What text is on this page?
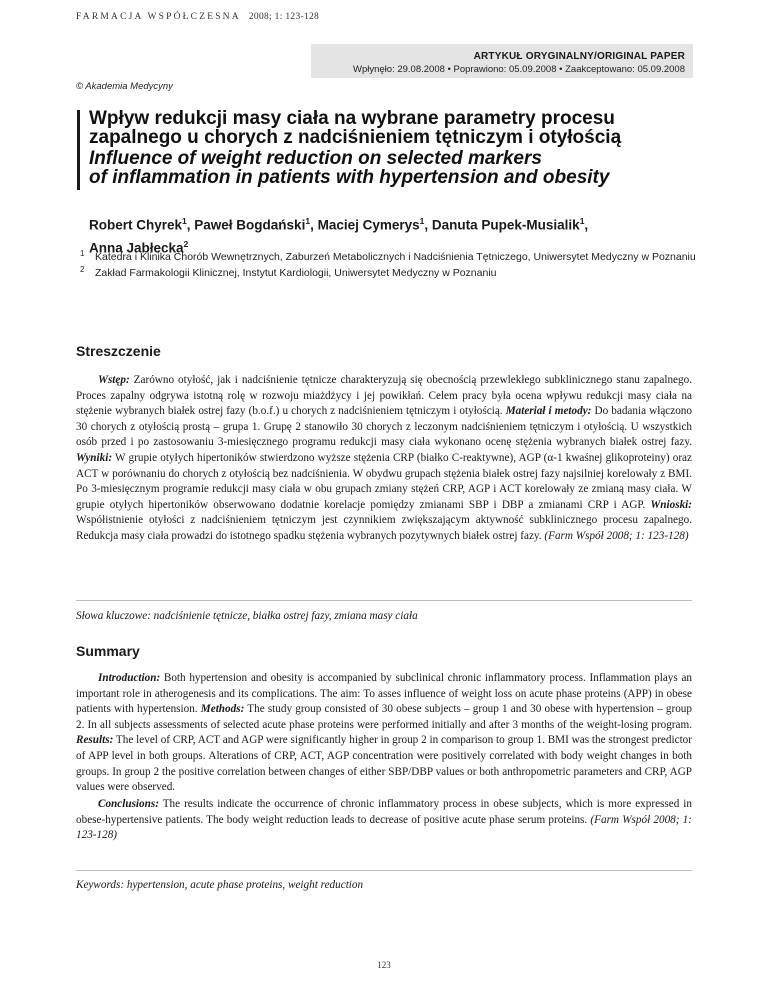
FARMACJA WSPÓŁCZESNA 2008; 1: 123-128
ARTYKUŁ ORYGINALNY/ORIGINAL PAPER
Wpłynęło: 29.08.2008 • Poprawiono: 05.09.2008 • Zaakceptowano: 05.09.2008
© Akademia Medycyny
Wpływ redukcji masy ciała na wybrane parametry procesu
zapalnego u chorych z nadciśnieniem tętniczym i otyłością
Influence of weight reduction on selected markers
of inflammation in patients with hypertension and obesity
Robert Chyrek$^1$, Paweł Bogdański$^1$, Maciej Cymerys$^1$, Danuta Pupek-Musialik$^1$,
Anna Jabłecka$^2$
1 Katedra i Klinika Chorób Wewnętrznych, Zaburzeń Metabolicznych i Nadciśnienia Tętniczego, Uniwersytet Medyczny w Poznaniu
2 Zakład Farmakologii Klinicznej, Instytut Kardiologii, Uniwersytet Medyczny w Poznaniu
Streszczenie

Wstęp: Zarówno otyłość, jak i nadciśnienie tętnicze charakteryzują się obecnością przewlekłego subklinicznego stanu zapalnego. Proces zapalny odgrywa istotną rolę w rozwoju miażdżycy i jej powikłań. Celem pracy była ocena wpływu redukcji masy ciała na stężenie wybranych białek ostrej fazy (b.o.f.) u chorych z nadciśnieniem tętniczym i otyłością. Materiał i metody: Do badania włączono 30 chorych z otyłością prostą – grupa 1. Grupę 2 stanowiło 30 chorych z leczonym nadciśnieniem tętniczym i otyłością. U wszystkich osób przed i po zastosowaniu 3-miesięcznego programu redukcji masy ciała wykonano ocenę stężenia wybranych białek ostrej fazy. Wyniki: W grupie otyłych hipertoników stwierdzono wyższe stężenia CRP (białko C-reaktywne), AGP (α-1 kwaśnej glikoproteiny) oraz ACT w porównaniu do chorych z otyłością bez nadciśnienia. W obydwu grupach stężenia białek ostrej fazy najsilniej korelowały z BMI. Po 3-miesięcznym programie redukcji masy ciała w obu grupach zmiany stężeń CRP, AGP i ACT korelowały ze zmianą masy ciała. W grupie otyłych hipertoników obserwowano dodatnie korelacje pomiędzy zmianami SBP i DBP a zmianami CRP i AGP. Wnioski: Współistnienie otyłości z nadciśnieniem tętniczym jest czynnikiem zwiększającym aktywność subklinicznego procesu zapalnego. Redukcja masy ciała prowadzi do istotnego spadku stężenia wybranych pozytywnych białek ostrej fazy. (Farm Współ 2008; 1: 123-128)

Słowa kluczowe: nadciśnienie tętnicze, białka ostrej fazy, zmiana masy ciała
Summary

Introduction: Both hypertension and obesity is accompanied by subclinical chronic inflammatory process. Inflammation plays an important role in atherogenesis and its complications. The aim: To asses influence of weight loss on acute phase proteins (APP) in obese patients with hypertension. Methods: The study group consisted of 30 obese subjects – group 1 and 30 obese with hypertension – group 2. In all subjects assessments of selected acute phase proteins were performed initially and after 3 months of the weight-losing program. Results: The level of CRP, ACT and AGP were significantly higher in group 2 in comparison to group 1. BMI was the strongest predictor of APP level in both groups. Alterations of CRP, ACT, AGP concentration were positively correlated with body weight changes in both groups. In group 2 the positive correlation between changes of either SBP/DBP values or both anthropometric parameters and CRP, AGP values were observed.

Conclusions: The results indicate the occurrence of chronic inflammatory process in obese subjects, which is more expressed in obese-hypertensive patients. The body weight reduction leads to decrease of positive acute phase serum proteins. (Farm Współ 2008; 1: 123-128)

Keywords: hypertension, acute phase proteins, weight reduction
123
